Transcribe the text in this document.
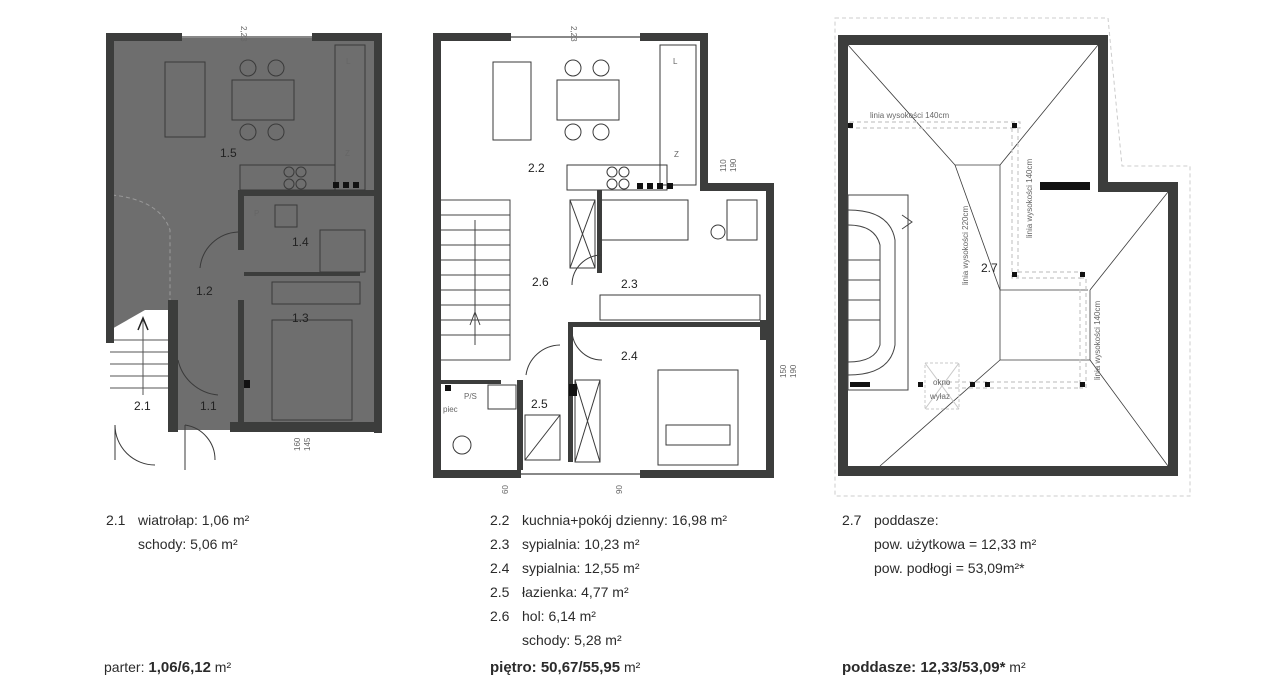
1.5
1.4
1.2
1.3
2.1	1.1
P
L
Z
2,23
160 145
2.2
2.6	2.3
2.4
2.5
L
Z
P/S
piec
2,23
110 190
150 190
60	90
2.7
linia wysokości 140cm
linia wysokości 220cm
linia wysokości 140cm
linia wysokości 140cm
okno
wyłaz
2.1 wiatrołap: 1,06 m²
schody: 5,06 m²
2.2 kuchnia+pokój dzienny: 16,98 m²
2.3 sypialnia: 10,23 m²
2.4 sypialnia: 12,55 m²
2.5 łazienka: 4,77 m²
2.6 hol: 6,14 m²
schody: 5,28 m²
2.7 poddasze:
pow. użytkowa = 12,33 m²
pow. podłogi = 53,09m²*
parter: 1,06/6,12 m²	piętro: 50,67/55,95 m²	poddasze: 12,33/53,09* m²
